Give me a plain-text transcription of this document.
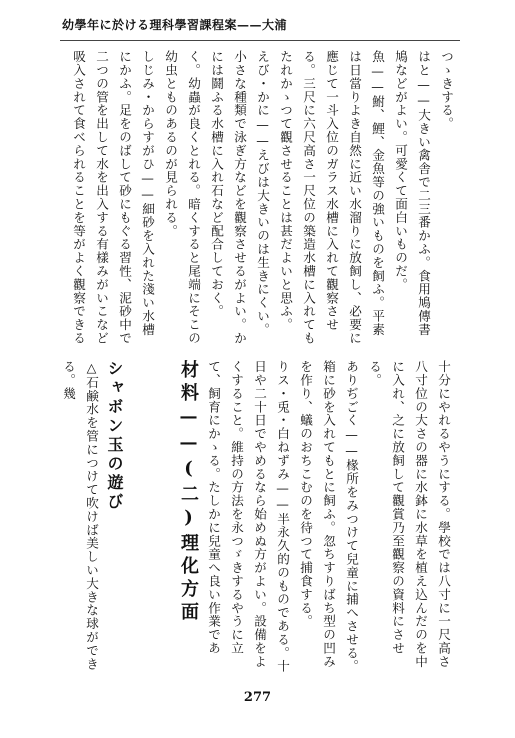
幼學年に於ける理科學習課程案——大浦

つゝきする。

はと——大きい禽舎で二三番かふ。食用鳩傳書鳩などがよい。可愛くて面白いものだ。

魚——鮒、鯉、金魚等の強いものを飼ふ。平素は日當りよき自然に近い水溜りに放飼し、必要に應じて一斗入位のガラス水槽に入れて觀察させる。三尺に六尺高さ一尺位の築造水槽に入れてもたれかゝつて觀させることは甚だよいと思ふ。

えび・かに——えびは大きいのは生きにくい。小さな種類で泳ぎ方などを觀察させるがよい。かには鬪ふる水槽に入れ石など配合しておく。

く。幼蟲が良くとれる。暗くすると尾端にそこの幼虫とものあるのが見られる。

しじみ・からすがひ——細砂を入れた淺い水槽にかふ。足をのばして砂にもぐる習性、泥砂中で二つの管を出して水を出入する有樣みがいこなど吸入されて食べられることを等がよく觀察できる

十分にやれるやうにする。學校では八寸に一尺高さ八寸位の大さの器に水鉢に水草を植え込んだのを中に入れ、之に放飼して觀賞乃至觀察の資料にさせる。

ありぢごく——椽所をみつけて兒童に捕へさせる。箱に砂を入れてもとに飼ふ。忽ちすりばち型の凹みを作り、蟻のおちこむのを待つて捕食する。

りス・兎・白ねずみ——半永久的のものである。十日や二十日でやめるなら始めぬ方がよい。設備をよくすること。維持の方法を永つゞきするやうに立て、飼育にかゝる。たしかに兒童へ良い作業であ

材料——(二)理化方面

シャボン玉の遊び

△石鹸水を管につけて吹けば美しい大きな球ができる。幾

277
